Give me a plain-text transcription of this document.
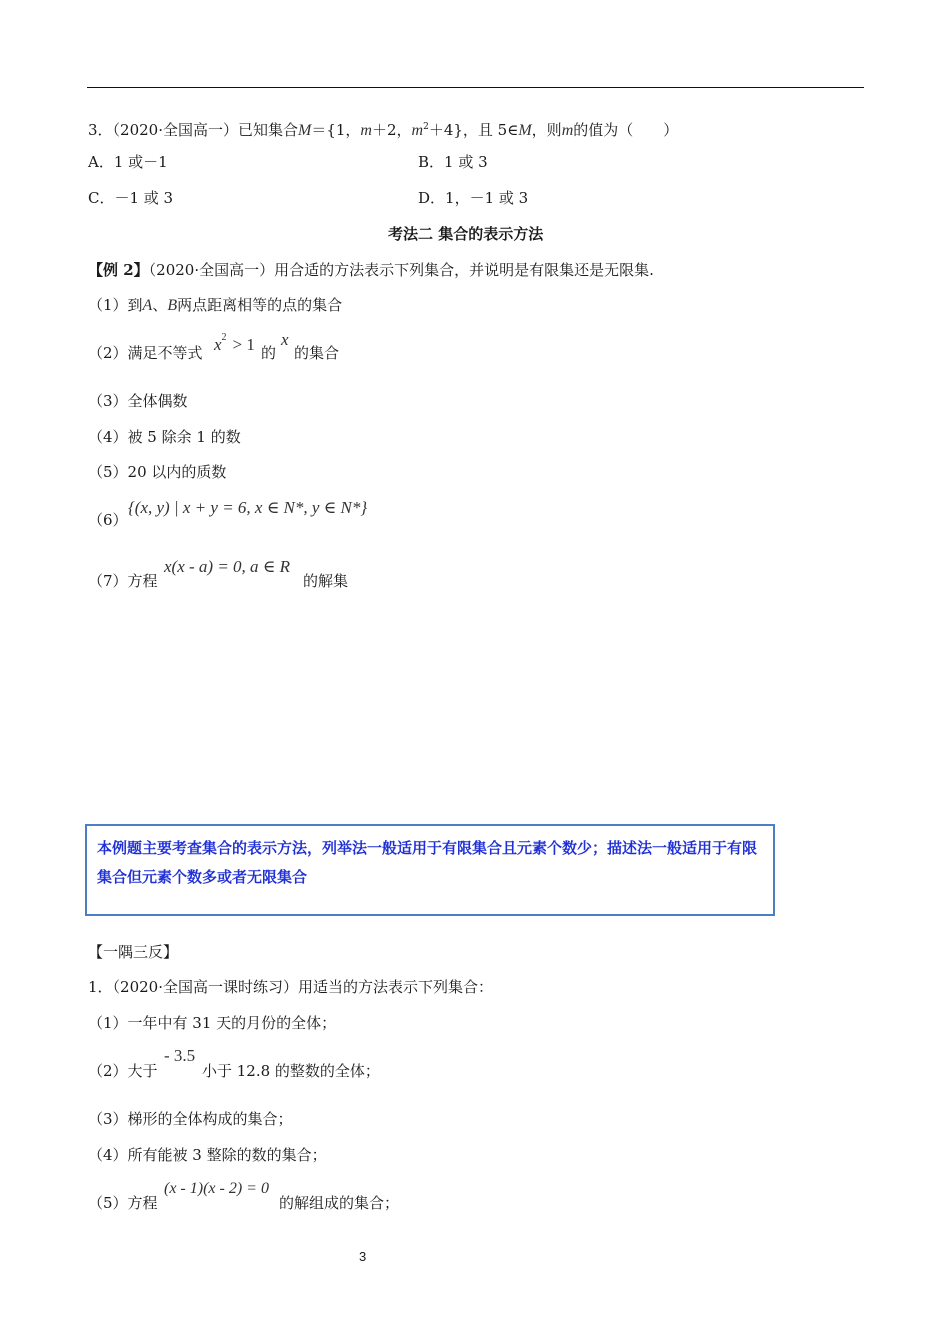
3．（2020·全国高一）已知集合M＝{1，m＋2，$m^2+4$}，且 5∈M，则m的值为（　　）
A．1 或－1	B．1 或 3
C．－1 或 3	D．1，－1 或 3
考法二 集合的表示方法
【例 2】（2020·全国高一）用合适的方法表示下列集合，并说明是有限集还是无限集.
（1）到A、B两点距离相等的点的集合
（2）满足不等式 $x^2 > 1$ 的
x
的集合
（3）全体偶数
（4）被 5 除余 1 的数
（5）20 以内的质数
（6）
{(x, y) | x + y = 6, x ∈ N*, y ∈ N*}
（7）方程
x(x - a) = 0, a ∈ R
的解集
本例题主要考查集合的表示方法，列举法一般适用于有限集合且元素个数少；描述法一般适用于有限集合但元素个数多或者无限集合
【一隅三反】
1．（2020·全国高一课时练习）用适当的方法表示下列集合：
（1）一年中有 31 天的月份的全体；
（2）大于
- 3.5
小于 12.8 的整数的全体；
（3）梯形的全体构成的集合；
（4）所有能被 3 整除的数的集合；
（5）方程
(x - 1)(x - 2) = 0
的解组成的集合；
3
